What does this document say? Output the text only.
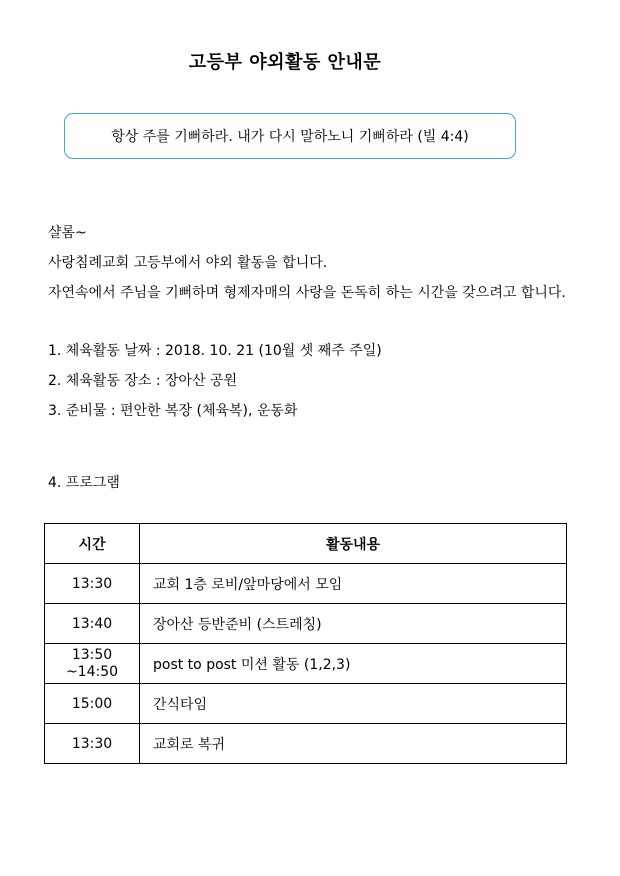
고등부 야외활동 안내문
항상 주를 기뻐하라. 내가 다시 말하노니 기뻐하라 (빌 4:4)
샬롬~
사랑침례교회 고등부에서 야외 활동을 합니다.
자연속에서 주님을 기뻐하며 형제자매의 사랑을 돈독히 하는 시간을 갖으려고 합니다.
1. 체육활동 날짜 : 2018. 10. 21 (10월 셋 째주 주일)
2. 체육활동 장소 : 장아산 공원
3. 준비물 : 편안한 복장 (체육복), 운동화
4. 프로그램
시간	활동내용
13:30	교회 1층 로비/앞마당에서 모임
13:40	장아산 등반준비 (스트레칭)

13:50
~14:50	post to post 미션 활동 (1,2,3)
15:00	간식타임
13:30	교회로 복귀
